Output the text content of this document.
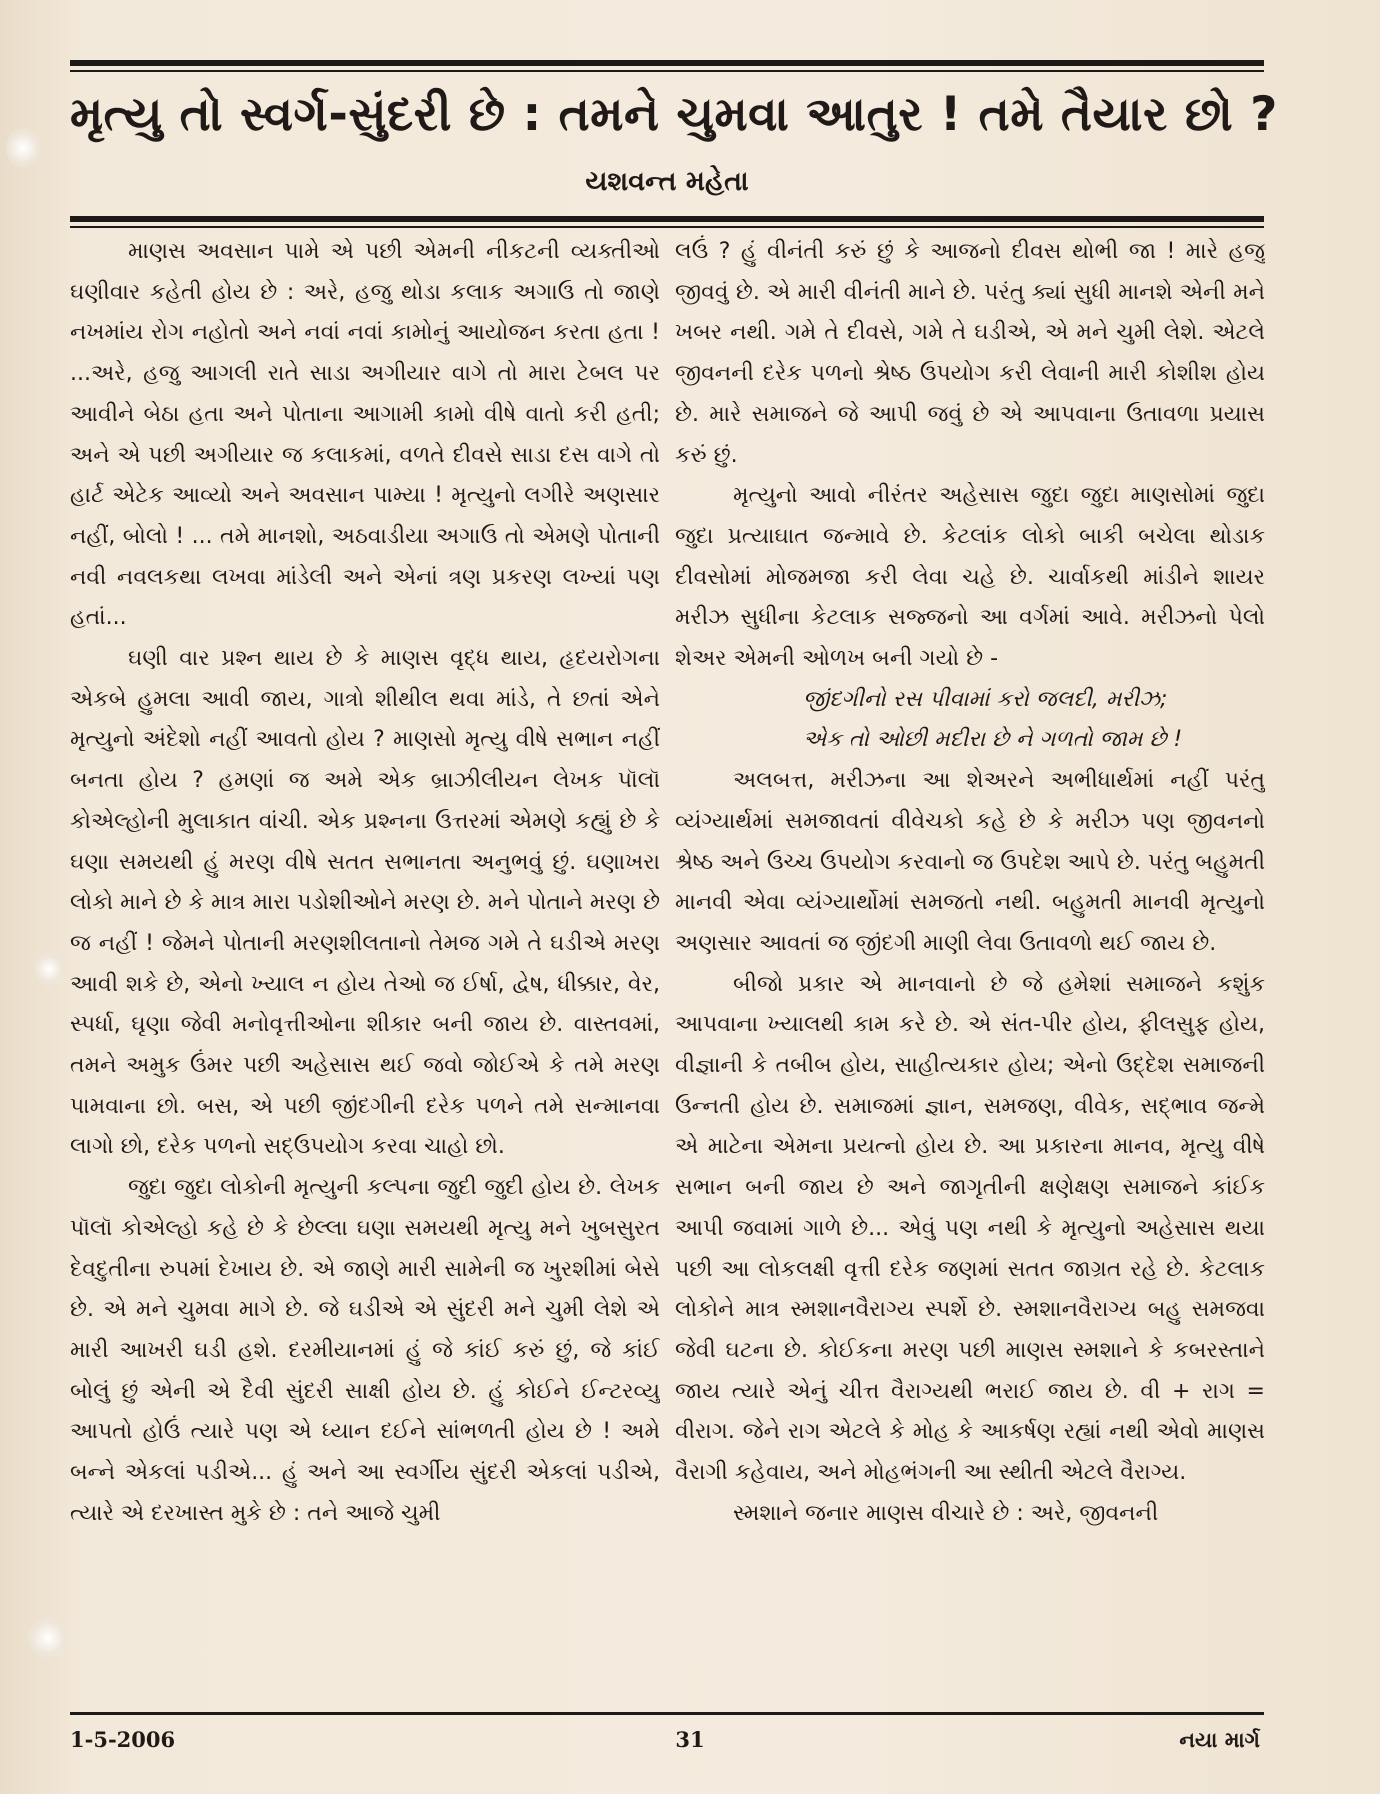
મૃત્યુ તો સ્વર્ગ-સુંદરી છે : તમને ચુમવા આતુર ! તમે તૈયાર છો ?
યશવન્ત મહેતા

માણસ અવસાન પામે એ પછી એમની નીકટની વ્યક્તીઓ ઘણીવાર કહેતી હોય છે : અરે, હજુ થોડા કલાક અગાઉ તો જાણે નખમાંય રોગ નહોતો અને નવાં નવાં કામોનું આયોજન કરતા હતા ! ...અરે, હજુ આગલી રાતે સાડા અગીયાર વાગે તો મારા ટેબલ પર આવીને બેઠા હતા અને પોતાના આગામી કામો વીષે વાતો કરી હતી; અને એ પછી અગીયાર જ કલાકમાં, વળતે દીવસે સાડા દસ વાગે તો હાર્ટ એટેક આવ્યો અને અવસાન પામ્યા ! મૃત્યુનો લગીરે અણસાર નહીં, બોલો ! ... તમે માનશો, અઠવાડીયા અગાઉ તો એમણે પોતાની નવી નવલકથા લખવા માંડેલી અને એનાં ત્રણ પ્રકરણ લખ્યાં પણ હતાં...

ઘણી વાર પ્રશ્ન થાય છે કે માણસ વૃદ્ધ થાય, હૃદયરોગના એકબે હુમલા આવી જાય, ગાત્રો શીથીલ થવા માંડે, તે છતાં એને મૃત્યુનો અંદેશો નહીં આવતો હોય ? માણસો મૃત્યુ વીષે સભાન નહીં બનતા હોય ? હમણાં જ અમે એક બ્રાઝીલીયન લેખક પૉલૉ કોએલ્હોની મુલાકાત વાંચી. એક પ્રશ્નના ઉત્તરમાં એમણે કહ્યું છે કે ઘણા સમયથી હું મરણ વીષે સતત સભાનતા અનુભવું છું. ઘણાખરા લોકો માને છે કે માત્ર મારા પડોશીઓને મરણ છે. મને પોતાને મરણ છે જ નહીં ! જેમને પોતાની મરણશીલતાનો તેમજ ગમે તે ઘડીએ મરણ આવી શકે છે, એનો ખ્યાલ ન હોય તેઓ જ ઈર્ષા, દ્વેષ, ધીક્કાર, વેર, સ્પર્ધા, ઘૃણા જેવી મનોવૃત્તીઓના શીકાર બની જાય છે. વાસ્તવમાં, તમને અમુક ઉંમર પછી અહેસાસ થઈ જવો જોઈએ કે તમે મરણ પામવાના છો. બસ, એ પછી જીંદગીની દરેક પળને તમે સન્માનવા લાગો છો, દરેક પળનો સદ્ઉપયોગ કરવા ચાહો છો.

જુદા જુદા લોકોની મૃત્યુની કલ્પના જુદી જુદી હોય છે. લેખક પૉલૉ કોએલ્હો કહે છે કે છેલ્લા ઘણા સમયથી મૃત્યુ મને ખુબસુરત દેવદુતીના રુપમાં દેખાય છે. એ જાણે મારી સામેની જ ખુરશીમાં બેસે છે. એ મને ચુમવા માગે છે. જે ઘડીએ એ સુંદરી મને ચુમી લેશે એ મારી આખરી ઘડી હશે. દરમીયાનમાં હું જે કાંઈ કરું છું, જે કાંઈ બોલું છું એની એ દૈવી સુંદરી સાક્ષી હોય છે. હું કોઈને ઈન્ટરવ્યુ આપતો હોઉં ત્યારે પણ એ ધ્યાન દઈને સાંભળતી હોય છે ! અમે બન્ને એકલાં પડીએ... હું અને આ સ્વર્ગીય સુંદરી એકલાં પડીએ, ત્યારે એ દરખાસ્ત મુકે છે : તને આજે ચુમી

લઉં ? હું વીનંતી કરું છું કે આજનો દીવસ થોભી જા ! મારે હજુ જીવવું છે. એ મારી વીનંતી માને છે. પરંતુ ક્યાં સુધી માનશે એની મને ખબર નથી. ગમે તે દીવસે, ગમે તે ઘડીએ, એ મને ચુમી લેશે. એટલે જીવનની દરેક પળનો શ્રેષ્ઠ ઉપયોગ કરી લેવાની મારી કોશીશ હોય છે. મારે સમાજને જે આપી જવું છે એ આપવાના ઉતાવળા પ્રયાસ કરું છું.

મૃત્યુનો આવો નીરંતર અહેસાસ જુદા જુદા માણસોમાં જુદા જુદા પ્રત્યાઘાત જન્માવે છે. કેટલાંક લોકો બાકી બચેલા થોડાક દીવસોમાં મોજમજા કરી લેવા ચહે છે. ચાર્વાકથી માંડીને શાયર મરીઝ સુધીના કેટલાક સજ્જનો આ વર્ગમાં આવે. મરીઝનો પેલો શેઅર એમની ઓળખ બની ગયો છે -

જીંદગીનો રસ પીવામાં કરો જલદી, મરીઝ;

એક તો ઓછી મદીરા છે ને ગળતો જામ છે !

અલબત્ત, મરીઝના આ શેઅરને અભીધાર્થમાં નહીં પરંતુ વ્યંગ્યાર્થમાં સમજાવતાં વીવેચકો કહે છે કે મરીઝ પણ જીવનનો શ્રેષ્ઠ અને ઉચ્ચ ઉપયોગ કરવાનો જ ઉપદેશ આપે છે. પરંતુ બહુમતી માનવી એવા વ્યંગ્યાર્થોમાં સમજતો નથી. બહુમતી માનવી મૃત્યુનો અણસાર આવતાં જ જીંદગી માણી લેવા ઉતાવળો થઈ જાય છે.

બીજો પ્રકાર એ માનવાનો છે જે હમેશાં સમાજને કશુંક આપવાના ખ્યાલથી કામ કરે છે. એ સંત-પીર હોય, ફીલસુફ હોય, વીજ્ઞાની કે તબીબ હોય, સાહીત્યકાર હોય; એનો ઉદ્દેશ સમાજની ઉન્નતી હોય છે. સમાજમાં જ્ઞાન, સમજણ, વીવેક, સદ્ભાવ જન્મે એ માટેના એમના પ્રયત્નો હોય છે. આ પ્રકારના માનવ, મૃત્યુ વીષે સભાન બની જાય છે અને જાગૃતીની ક્ષણેક્ષણ સમાજને કાંઈક આપી જવામાં ગાળે છે... એવું પણ નથી કે મૃત્યુનો અહેસાસ થયા પછી આ લોકલક્ષી વૃત્તી દરેક જણમાં સતત જાગ્રત રહે છે. કેટલાક લોકોને માત્ર સ્મશાનવૈરાગ્ય સ્પર્શે છે. સ્મશાનવૈરાગ્ય બહુ સમજવા જેવી ઘટના છે. કોઈકના મરણ પછી માણસ સ્મશાને કે કબરસ્તાને જાય ત્યારે એનું ચીત્ત વૈરાગ્યથી ભરાઈ જાય છે. વી + રાગ = વીરાગ. જેને રાગ એટલે કે મોહ કે આકર્ષણ રહ્યાં નથી એવો માણસ વૈરાગી કહેવાય, અને મોહભંગની આ સ્થીતી એટલે વૈરાગ્ય.

સ્મશાને જનાર માણસ વીચારે છે : અરે, જીવનની

1-5-2006	31	નયા માર્ગ
